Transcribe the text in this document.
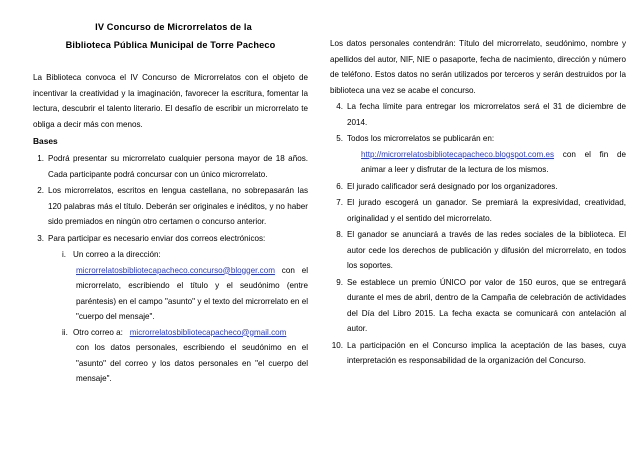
IV Concurso de Microrrelatos de la
Biblioteca Pública Municipal de Torre Pacheco

La Biblioteca convoca el IV Concurso de Microrrelatos con el objeto de incentivar la creatividad y la imaginación, favorecer la escritura, fomentar la lectura, descubrir el talento literario. El desafío de escribir un microrrelato te obliga a decir más con menos.

Bases
1. Podrá presentar su microrrelato cualquier persona mayor de 18 años. Cada participante podrá concursar con un único microrrelato.
2. Los microrrelatos, escritos en lengua castellana, no sobrepasarán las 120 palabras más el título. Deberán ser originales e inéditos, y no haber sido premiados en ningún otro certamen o concurso anterior.
3. Para participar es necesario enviar dos correos electrónicos:
i. Un correo a la dirección:
microrrelatosbibliotecapacheco.concurso@blogger.com con el microrrelato, escribiendo el título y el seudónimo (entre paréntesis) en el campo "asunto" y el texto del microrrelato en el "cuerpo del mensaje".
ii. Otro correo a: microrrelatosbibliotecapacheco@gmail.com
con los datos personales, escribiendo el seudónimo en el "asunto" del correo y los datos personales en "el cuerpo del mensaje".

Los datos personales contendrán: Título del microrrelato, seudónimo, nombre y apellidos del autor, NIF, NIE o pasaporte, fecha de nacimiento, dirección y número de teléfono. Estos datos no serán utilizados por terceros y serán destruidos por la biblioteca una vez se acabe el concurso.

4. La fecha límite para entregar los microrrelatos será el 31 de diciembre de 2014.
5. Todos los microrrelatos se publicarán en:
http://microrrelatosbibliotecapacheco.blogspot.com.es con el fin de animar a leer y disfrutar de la lectura de los mismos.
6. El jurado calificador será designado por los organizadores.
7. El jurado escogerá un ganador. Se premiará la expresividad, creatividad, originalidad y el sentido del microrrelato.
8. El ganador se anunciará a través de las redes sociales de la biblioteca. El autor cede los derechos de publicación y difusión del microrrelato, en todos los soportes.
9. Se establece un premio ÚNICO por valor de 150 euros, que se entregará durante el mes de abril, dentro de la Campaña de celebración de actividades del Día del Libro 2015. La fecha exacta se comunicará con antelación al autor.
10. La participación en el Concurso implica la aceptación de las bases, cuya interpretación es responsabilidad de la organización del Concurso.
